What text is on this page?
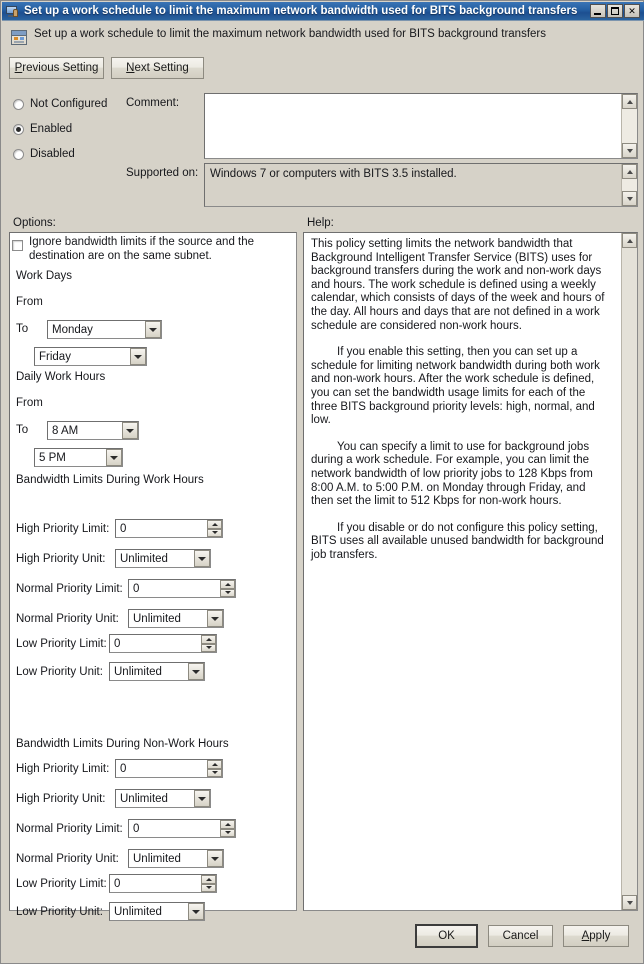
Set up a work schedule to limit the maximum network bandwidth used for BITS background transfers	✕
Set up a work schedule to limit the maximum network bandwidth used for BITS background transfers
Previous Setting Next Setting
Not Configured
Enabled
Disabled
Comment:
Supported on: Windows 7 or computers with BITS 3.5 installed.
Options:	Help:
Ignore bandwidth limits if the source and the destination are on the same subnet.
Work Days
From
Monday
To
Friday
Daily Work Hours
From
8 AM
To
5 PM
Bandwidth Limits During Work Hours
High Priority Limit: 0
High Priority Unit:	Unlimited
Normal Priority Limit: 0
Normal Priority Unit:	Unlimited
Low Priority Limit: 0
Low Priority Unit: Unlimited
Bandwidth Limits During Non-Work Hours
High Priority Limit: 0
High Priority Unit:	Unlimited
Normal Priority Limit: 0
Normal Priority Unit:	Unlimited
Low Priority Limit: 0
Low Priority Unit: Unlimited

This policy setting limits the network bandwidth that Background Intelligent Transfer Service (BITS) uses for background transfers during the work and non-work days and hours. The work schedule is defined using a weekly calendar, which consists of days of the week and hours of the day. All hours and days that are not defined in a work schedule are considered non-work hours.

If you enable this setting, then you can set up a schedule for limiting network bandwidth during both work and non-work hours. After the work schedule is defined, you can set the bandwidth usage limits for each of the three BITS background priority levels: high, normal, and low.

You can specify a limit to use for background jobs during a work schedule. For example, you can limit the network bandwidth of low priority jobs to 128 Kbps from 8:00 A.M. to 5:00 P.M. on Monday through Friday, and then set the limit to 512 Kbps for non-work hours.

If you disable or do not configure this policy setting, BITS uses all available unused bandwidth for background job transfers.

OK	Cancel	Apply
